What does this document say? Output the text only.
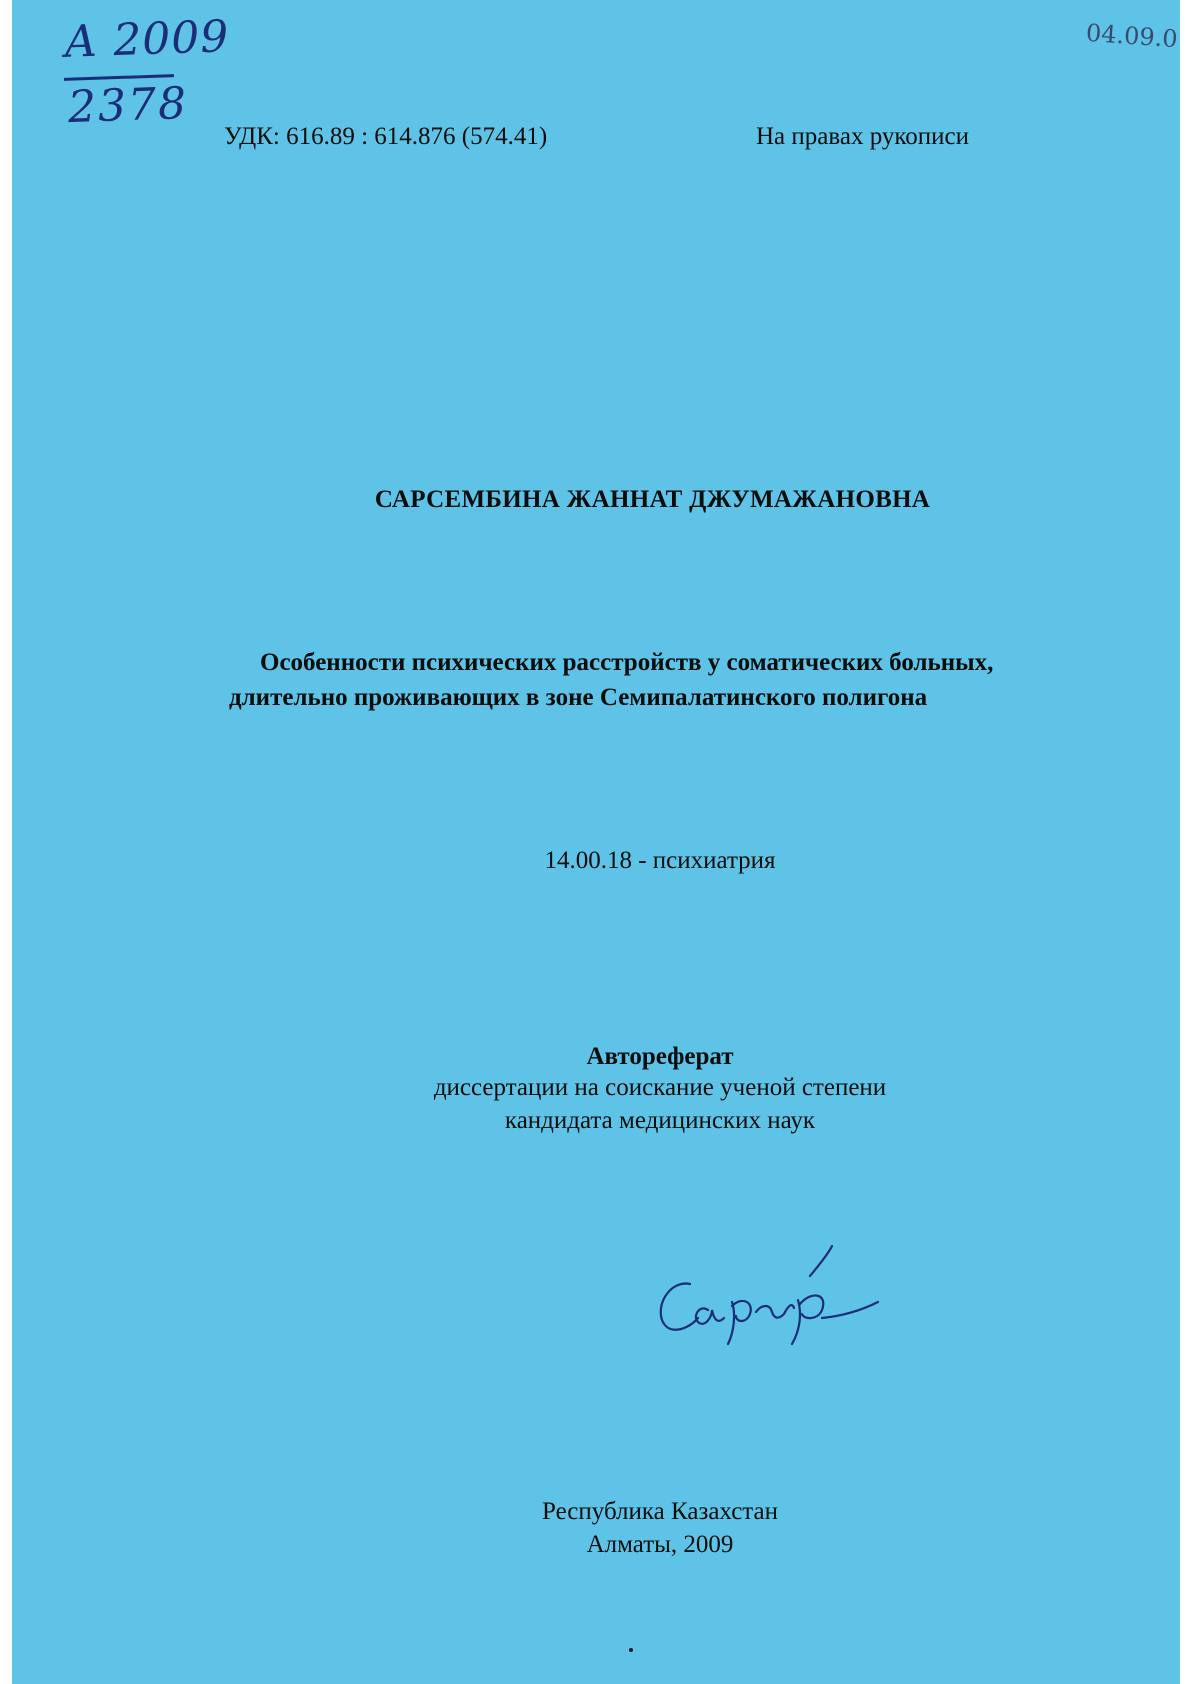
А 2009
2378
УДК: 616.89 : 614.876 (574.41)	На правах рукописи
САРСЕМБИНА ЖАННАТ ДЖУМАЖАНОВНА
Особенности психических расстройств у соматических больных,
длительно проживающих в зоне Семипалатинского полигона
14.00.18 - психиатрия
Автореферат
диссертации на соискание ученой степени
кандидата медицинских наук
Республика Казахстан
Алматы, 2009
04.09.0
